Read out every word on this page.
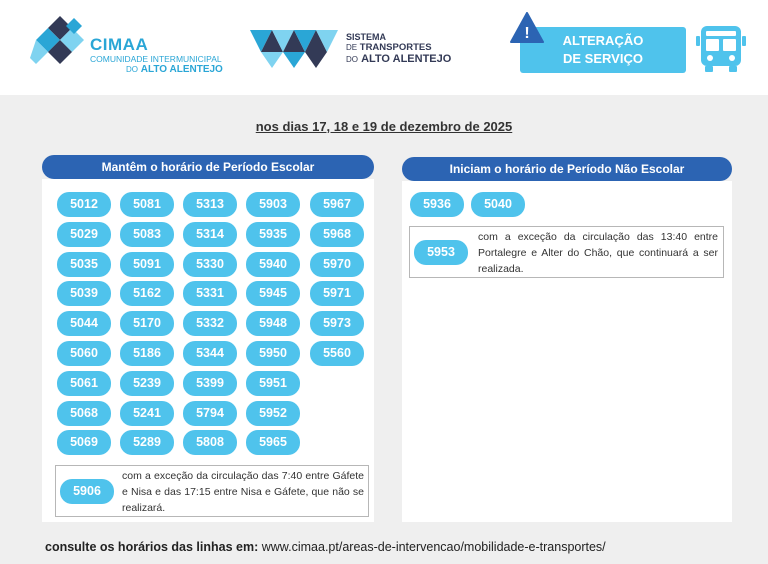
CIMAA
COMUNIDADE INTERMUNICIPAL
DO ALTO ALENTEJO
SISTEMA
DE TRANSPORTES
DO ALTO ALENTEJO
ALTERAÇÃO
DE SERVIÇO
!
nos dias 17, 18 e 19 de dezembro de 2025
Mantêm o horário de Período Escolar	Iniciam o horário de Período Não Escolar
5906
com a exceção da circulação das 7:40 entre Gáfete e Nisa e das 17:15 entre Nisa e Gáfete, que não se realizará.
5953
com a exceção da circulação das 13:40 entre Portalegre e Alter do Chão, que continuará a ser realizada.
consulte os horários das linhas em: www.cimaa.pt/areas-de-intervencao/mobilidade-e-transportes/
5012
5029
5035
5039
5044
5060
5061
5068
5069
5081
5083
5091
5162
5170
5186
5239
5241
5289
5313
5314
5330
5331
5332
5344
5399
5794
5808
5903
5935
5940
5945
5948
5950
5951
5952
5965
5967
5968
5970
5971
5973
5560
5936	5040
